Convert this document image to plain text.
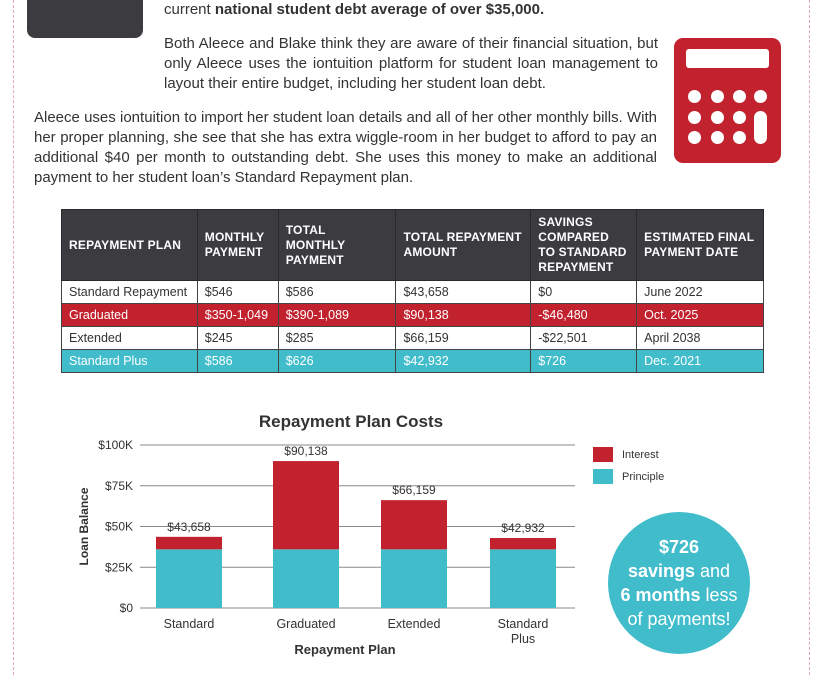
current national student debt average of over $35,000.
Both Aleece and Blake think they are aware of their financial situation, but only Aleece uses the iontuition platform for student loan management to layout their entire budget, including her student loan debt.
Aleece uses iontuition to import her student loan details and all of her other monthly bills. With her proper planning, she see that she has extra wiggle-room in her budget to afford to pay an additional $40 per month to outstanding debt. She uses this money to make an additional payment to her student loan’s Standard Repayment plan.
REPAYMENT PLAN	MONTHLY PAYMENT	TOTAL MONTHLY PAYMENT	TOTAL REPAYMENT AMOUNT	SAVINGS COMPARED TO STANDARD REPAYMENT	ESTIMATED FINAL PAYMENT DATE
Standard Repayment	$546	$586	$43,658	$0	June 2022
Graduated	$350-1,049	$390-1,089	$90,138	-$46,480	Oct. 2025
Extended	$245	$285	$66,159	-$22,501	April 2038
Standard Plus	$586	$626	$42,932	$726	Dec. 2021
Repayment Plan Costs
$0
$25K
$50K
$75K
$100K
Loan Balance	$43,658
Standard
$90,138
Graduated
$66,159
Extended
$42,932
Standard
Plus
Repayment Plan
Interest
Principle
$726
savings and
6 months less
of payments!
